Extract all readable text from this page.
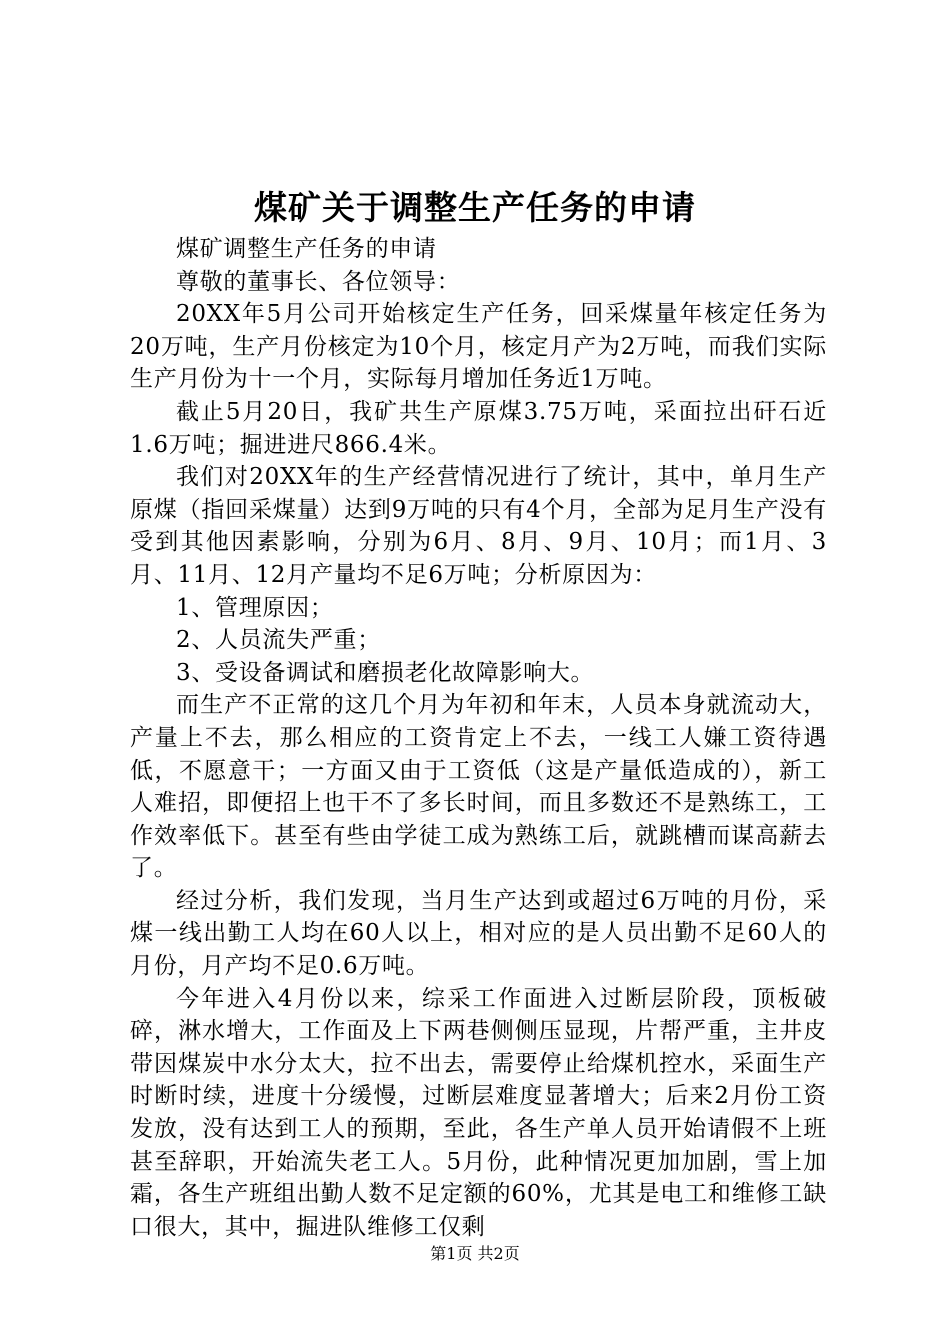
煤矿关于调整生产任务的申请

煤矿调整生产任务的申请

尊敬的董事长、各位领导：

20XX年5月公司开始核定生产任务，回采煤量年核定任务为20万吨，生产月份核定为10个月，核定月产为2万吨，而我们实际生产月份为十一个月，实际每月增加任务近1万吨。

截止5月20日，我矿共生产原煤3.75万吨，采面拉出矸石近1.6万吨；掘进进尺866.4米。

我们对20XX年的生产经营情况进行了统计，其中，单月生产原煤（指回采煤量）达到9万吨的只有4个月，全部为足月生产没有受到其他因素影响，分别为6月、8月、9月、10月；而1月、3月、11月、12月产量均不足6万吨；分析原因为：

1、管理原因；

2、人员流失严重；

3、受设备调试和磨损老化故障影响大。

而生产不正常的这几个月为年初和年末，人员本身就流动大，产量上不去，那么相应的工资肯定上不去，一线工人嫌工资待遇低，不愿意干；一方面又由于工资低（这是产量低造成的），新工人难招，即便招上也干不了多长时间，而且多数还不是熟练工，工作效率低下。甚至有些由学徒工成为熟练工后，就跳槽而谋高薪去了。

经过分析，我们发现，当月生产达到或超过6万吨的月份，采煤一线出勤工人均在60人以上，相对应的是人员出勤不足60人的月份，月产均不足0.6万吨。

今年进入4月份以来，综采工作面进入过断层阶段，顶板破碎，淋水增大，工作面及上下两巷侧侧压显现，片帮严重，主井皮带因煤炭中水分太大，拉不出去，需要停止给煤机控水，采面生产时断时续，进度十分缓慢，过断层难度显著增大；后来2月份工资发放，没有达到工人的预期，至此，各生产单人员开始请假不上班甚至辞职，开始流失老工人。5月份，此种情况更加加剧，雪上加霜，各生产班组出勤人数不足定额的60%，尤其是电工和维修工缺口很大，其中，掘进队维修工仅剩

第1页 共2页
